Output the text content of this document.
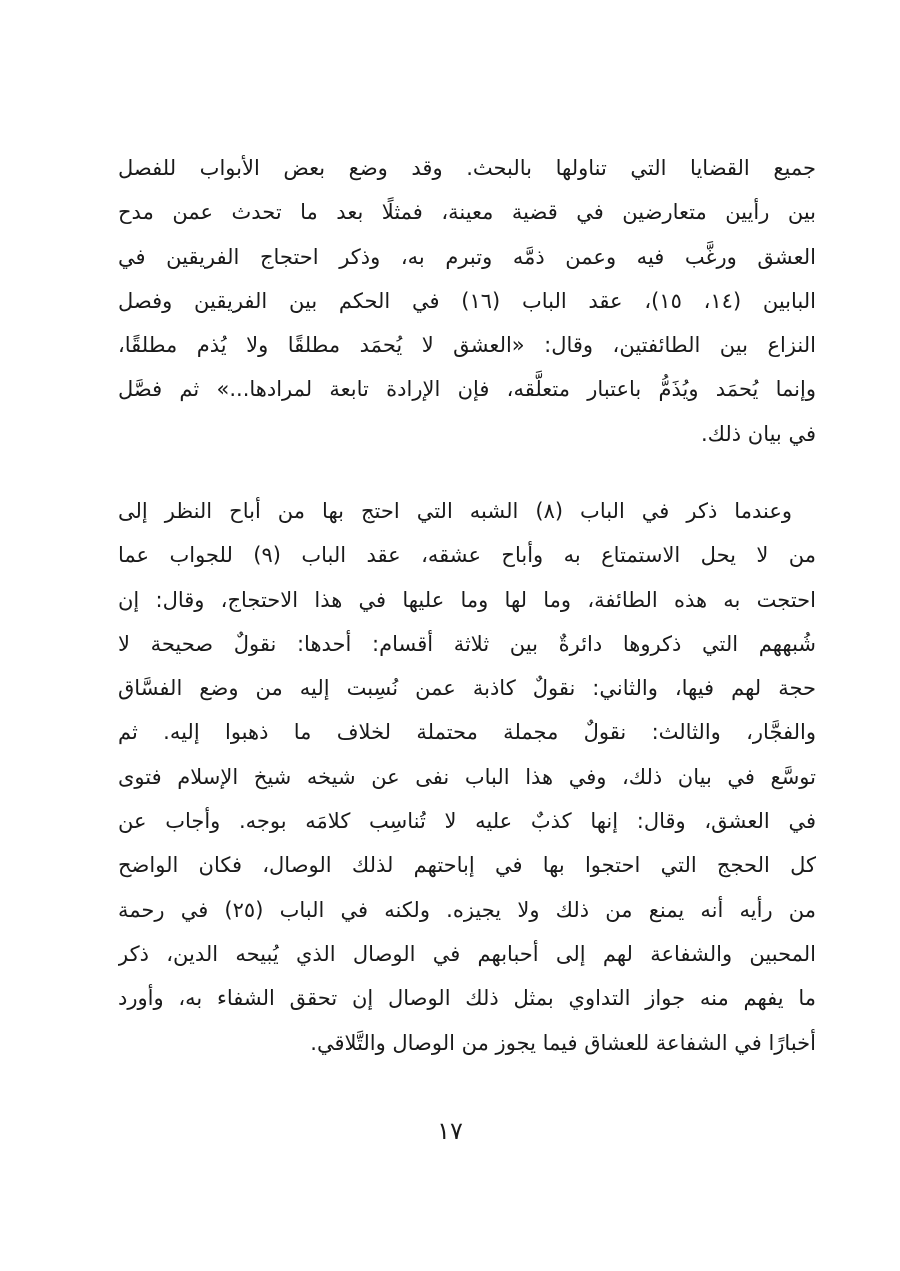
جميع القضايا التي تناولها بالبحث. وقد وضع بعض الأبواب للفصل
بين رأيين متعارضين في قضية معينة، فمثلًا بعد ما تحدث عمن مدح
العشق ورغَّب فيه وعمن ذمَّه وتبرم به، وذكر احتجاج الفريقين في
البابين (١٤، ١٥)، عقد الباب (١٦) في الحكم بين الفريقين وفصل
النزاع بين الطائفتين، وقال: «العشق لا يُحمَد مطلقًا ولا يُذم مطلقًا،
وإنما يُحمَد ويُذَمُّ باعتبار متعلَّقه، فإن الإرادة تابعة لمرادها...» ثم فصَّل
في بيان ذلك.
وعندما ذكر في الباب (٨) الشبه التي احتج بها من أباح النظر إلى
من لا يحل الاستمتاع به وأباح عشقه، عقد الباب (٩) للجواب عما
احتجت به هذه الطائفة، وما لها وما عليها في هذا الاحتجاج، وقال: إن
شُبههم التي ذكروها دائرةٌ بين ثلاثة أقسام: أحدها: نقولٌ صحيحة لا
حجة لهم فيها، والثاني: نقولٌ كاذبة عمن نُسِبت إليه من وضع الفسَّاق
والفجَّار، والثالث: نقولٌ مجملة محتملة لخلاف ما ذهبوا إليه. ثم
توسَّع في بيان ذلك، وفي هذا الباب نفى عن شيخه شيخ الإسلام فتوى
في العشق، وقال: إنها كذبٌ عليه لا تُناسِب كلامَه بوجه. وأجاب عن
كل الحجج التي احتجوا بها في إباحتهم لذلك الوصال، فكان الواضح
من رأيه أنه يمنع من ذلك ولا يجيزه. ولكنه في الباب (٢٥) في رحمة
المحبين والشفاعة لهم إلى أحبابهم في الوصال الذي يُبيحه الدين، ذكر
ما يفهم منه جواز التداوي بمثل ذلك الوصال إن تحقق الشفاء به، وأورد
أخبارًا في الشفاعة للعشاق فيما يجوز من الوصال والتَّلاقي.
١٧
